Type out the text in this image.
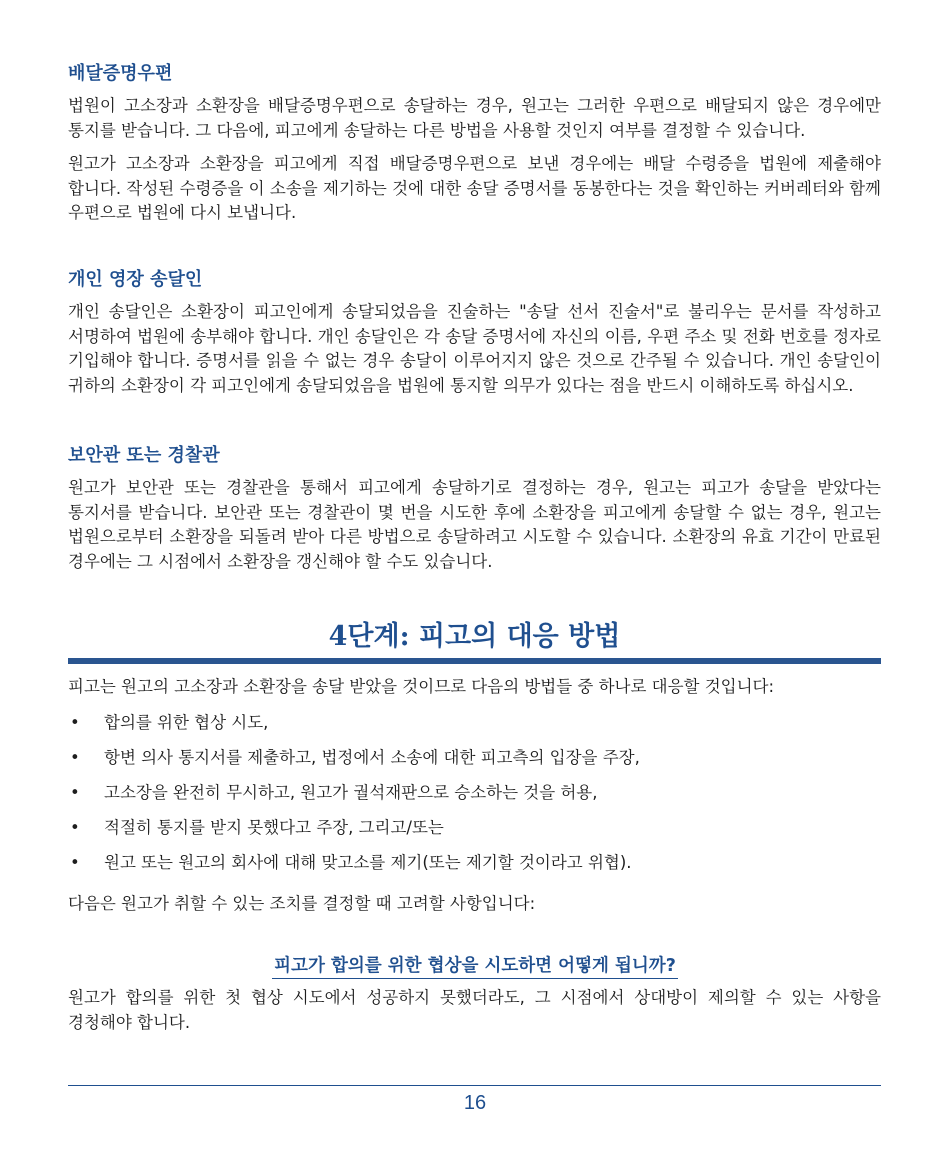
배달증명우편

법원이 고소장과 소환장을 배달증명우편으로 송달하는 경우, 원고는 그러한 우편으로 배달되지 않은 경우에만 통지를 받습니다. 그 다음에, 피고에게 송달하는 다른 방법을 사용할 것인지 여부를 결정할 수 있습니다.

원고가 고소장과 소환장을 피고에게 직접 배달증명우편으로 보낸 경우에는 배달 수령증을 법원에 제출해야 합니다. 작성된 수령증을 이 소송을 제기하는 것에 대한 송달 증명서를 동봉한다는 것을 확인하는 커버레터와 함께 우편으로 법원에 다시 보냅니다.

개인 영장 송달인

개인 송달인은 소환장이 피고인에게 송달되었음을 진술하는 "송달 선서 진술서"로 불리우는 문서를 작성하고 서명하여 법원에 송부해야 합니다. 개인 송달인은 각 송달 증명서에 자신의 이름, 우편 주소 및 전화 번호를 정자로 기입해야 합니다. 증명서를 읽을 수 없는 경우 송달이 이루어지지 않은 것으로 간주될 수 있습니다. 개인 송달인이 귀하의 소환장이 각 피고인에게 송달되었음을 법원에 통지할 의무가 있다는 점을 반드시 이해하도록 하십시오.

보안관 또는 경찰관

원고가 보안관 또는 경찰관을 통해서 피고에게 송달하기로 결정하는 경우, 원고는 피고가 송달을 받았다는 통지서를 받습니다. 보안관 또는 경찰관이 몇 번을 시도한 후에 소환장을 피고에게 송달할 수 없는 경우, 원고는 법원으로부터 소환장을 되돌려 받아 다른 방법으로 송달하려고 시도할 수 있습니다. 소환장의 유효 기간이 만료된 경우에는 그 시점에서 소환장을 갱신해야 할 수도 있습니다.

4단계: 피고의 대응 방법

피고는 원고의 고소장과 소환장을 송달 받았을 것이므로 다음의 방법들 중 하나로 대응할 것입니다:

• 합의를 위한 협상 시도,
• 항변 의사 통지서를 제출하고, 법정에서 소송에 대한 피고측의 입장을 주장,
• 고소장을 완전히 무시하고, 원고가 궐석재판으로 승소하는 것을 허용,
• 적절히 통지를 받지 못했다고 주장, 그리고/또는
• 원고 또는 원고의 회사에 대해 맞고소를 제기(또는 제기할 것이라고 위협).

다음은 원고가 취할 수 있는 조치를 결정할 때 고려할 사항입니다:

피고가 합의를 위한 협상을 시도하면 어떻게 됩니까?

원고가 합의를 위한 첫 협상 시도에서 성공하지 못했더라도, 그 시점에서 상대방이 제의할 수 있는 사항을 경청해야 합니다.

16
